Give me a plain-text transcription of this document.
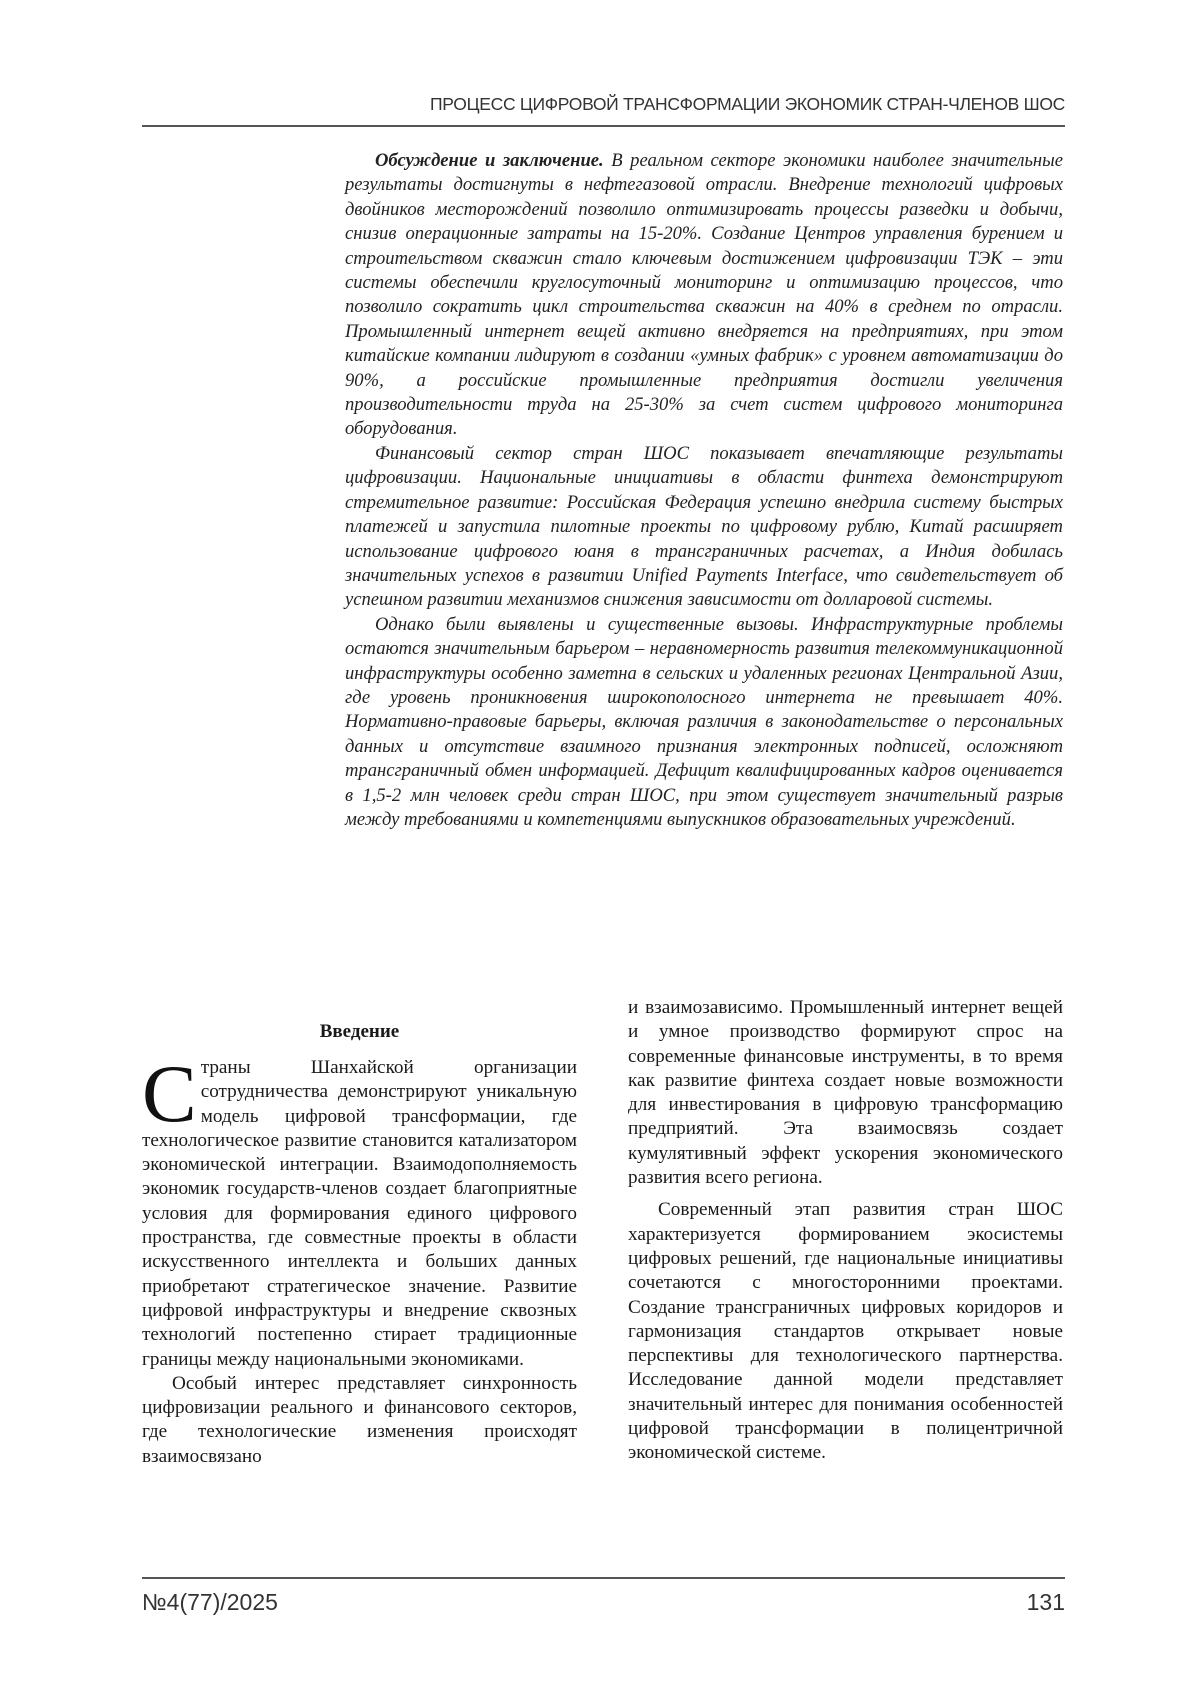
ПРОЦЕСС ЦИФРОВОЙ ТРАНСФОРМАЦИИ ЭКОНОМИК СТРАН-ЧЛЕНОВ ШОС

Обсуждение и заключение. В реальном секторе экономики наиболее значительные результаты достигнуты в нефтегазовой отрасли. Внедрение технологий цифровых двойников месторождений позволило оптимизировать процессы разведки и добычи, снизив операционные затраты на 15-20%. Создание Центров управления бурением и строительством скважин стало ключевым достижением цифровизации ТЭК – эти системы обеспечили круглосуточный мониторинг и оптимизацию процессов, что позволило сократить цикл строительства скважин на 40% в среднем по отрасли. Промышленный интернет вещей активно внедряется на предприятиях, при этом китайские компании лидируют в создании «умных фабрик» с уровнем автоматизации до 90%, а российские промышленные предприятия достигли увеличения производительности труда на 25-30% за счет систем цифрового мониторинга оборудования.

Финансовый сектор стран ШОС показывает впечатляющие результаты цифровизации. Национальные инициативы в области финтеха демонстрируют стремительное развитие: Российская Федерация успешно внедрила систему быстрых платежей и запустила пилотные проекты по цифровому рублю, Китай расширяет использование цифрового юаня в трансграничных расчетах, а Индия добилась значительных успехов в развитии Unified Payments Interface, что свидетельствует об успешном развитии механизмов снижения зависимости от долларовой системы.

Однако были выявлены и существенные вызовы. Инфраструктурные проблемы остаются значительным барьером – неравномерность развития телекоммуникационной инфраструктуры особенно заметна в сельских и удаленных регионах Центральной Азии, где уровень проникновения широкополосного интернета не превышает 40%. Нормативно-правовые барьеры, включая различия в законодательстве о персональных данных и отсутствие взаимного признания электронных подписей, осложняют трансграничный обмен информацией. Дефицит квалифицированных кадров оценивается в 1,5-2 млн человек среди стран ШОС, при этом существует значительный разрыв между требованиями и компетенциями выпускников образовательных учреждений.

Введение

Страны Шанхайской организации сотрудничества демонстрируют уникальную модель цифровой трансформации, где технологическое развитие становится катализатором экономической интеграции. Взаимодополняемость экономик государств-членов создает благоприятные условия для формирования единого цифрового пространства, где совместные проекты в области искусственного интеллекта и больших данных приобретают стратегическое значение. Развитие цифровой инфраструктуры и внедрение сквозных технологий постепенно стирает традиционные границы между национальными экономиками.

Особый интерес представляет синхронность цифровизации реального и финансового секторов, где технологические изменения происходят взаимосвязано

и взаимозависимо. Промышленный интернет вещей и умное производство формируют спрос на современные финансовые инструменты, в то время как развитие финтеха создает новые возможности для инвестирования в цифровую трансформацию предприятий. Эта взаимосвязь создает кумулятивный эффект ускорения экономического развития всего региона.

Современный этап развития стран ШОС характеризуется формированием экосистемы цифровых решений, где национальные инициативы сочетаются с многосторонними проектами. Создание трансграничных цифровых коридоров и гармонизация стандартов открывает новые перспективы для технологического партнерства. Исследование данной модели представляет значительный интерес для понимания особенностей цифровой трансформации в полицентричной экономической системе.

№4(77)/2025	131
